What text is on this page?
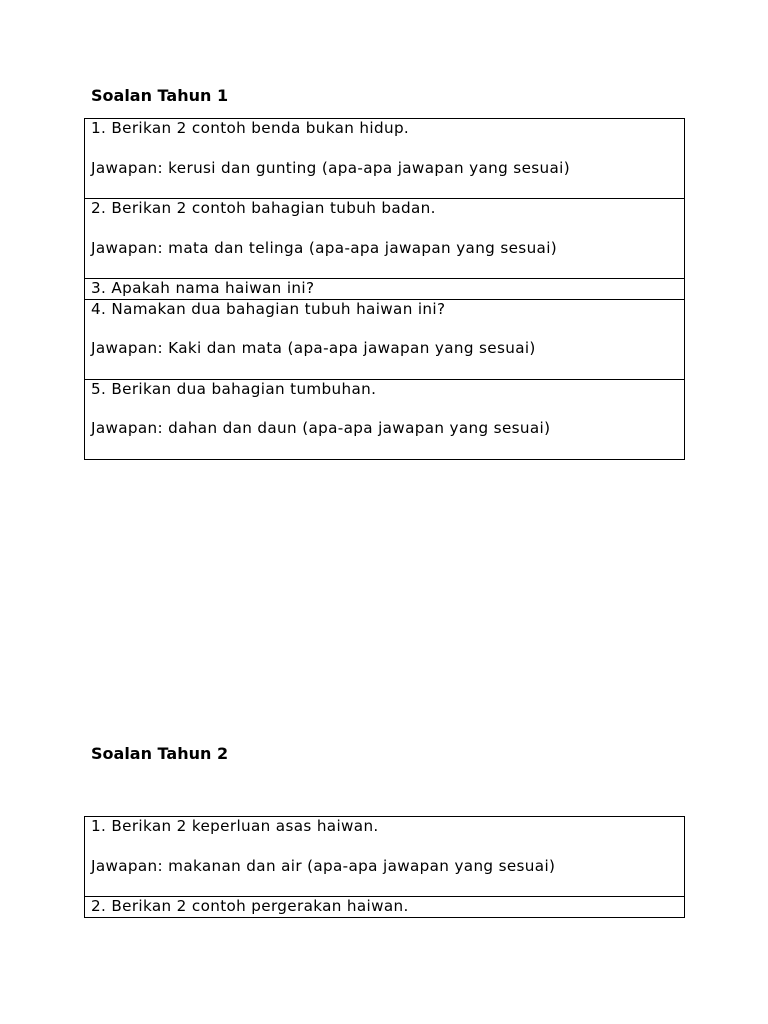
Soalan Tahun 1
1. Berikan 2 contoh benda bukan hidup.
Jawapan: kerusi dan gunting (apa-apa jawapan yang sesuai)

2. Berikan 2 contoh bahagian tubuh badan.
Jawapan: mata dan telinga (apa-apa jawapan yang sesuai)

3. Apakah nama haiwan ini?

4. Namakan dua bahagian tubuh haiwan ini?
Jawapan: Kaki dan mata (apa-apa jawapan yang sesuai)

5. Berikan dua bahagian tumbuhan.
Jawapan: dahan dan daun (apa-apa jawapan yang sesuai)
Soalan Tahun 2
1. Berikan 2 keperluan asas haiwan.
Jawapan: makanan dan air (apa-apa jawapan yang sesuai)

2. Berikan 2 contoh pergerakan haiwan.
